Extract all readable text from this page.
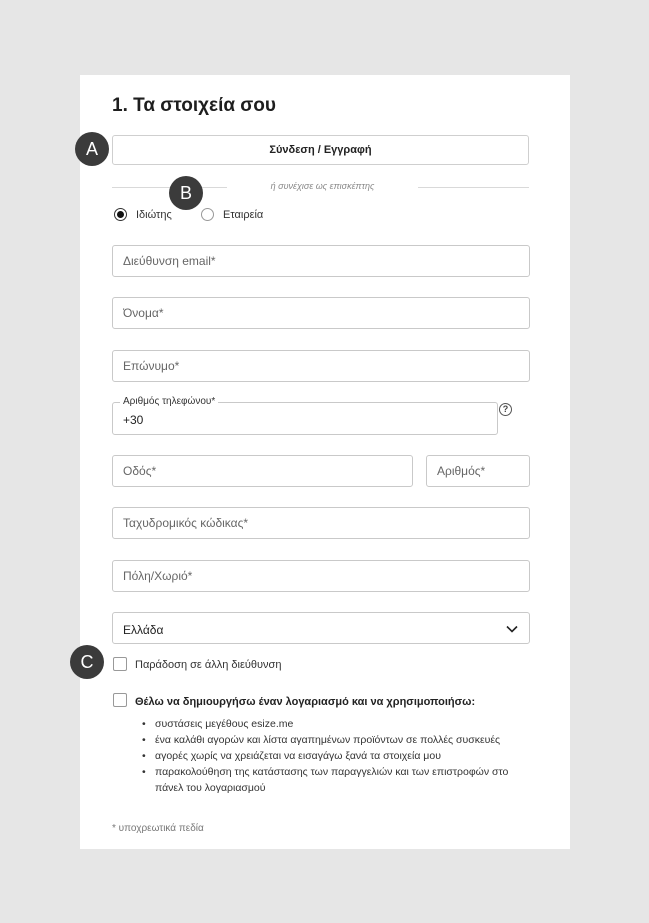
1. Τα στοιχεία σου
Σύνδεση / Εγγραφή
ή συνέχισε ως επισκέπτης
Ιδιώτης	Εταιρεία
Διεύθυνση email*
Όνομα*
Επώνυμο*
Αριθμός τηλεφώνου*
+30
?
Οδός*
Αριθμός*
Ταχυδρομικός κώδικας*
Πόλη/Χωριό*
Ελλάδα
Παράδοση σε άλλη διεύθυνση
Θέλω να δημιουργήσω έναν λογαριασμό και να χρησιμοποιήσω:
• συστάσεις μεγέθους esize.me
• ένα καλάθι αγορών και λίστα αγαπημένων προϊόντων σε πολλές συσκευές
• αγορές χωρίς να χρειάζεται να εισαγάγω ξανά τα στοιχεία μου
• παρακολούθηση της κατάστασης των παραγγελιών και των επιστροφών στο πάνελ του λογαριασμού
* υποχρεωτικά πεδία
A
B
C
